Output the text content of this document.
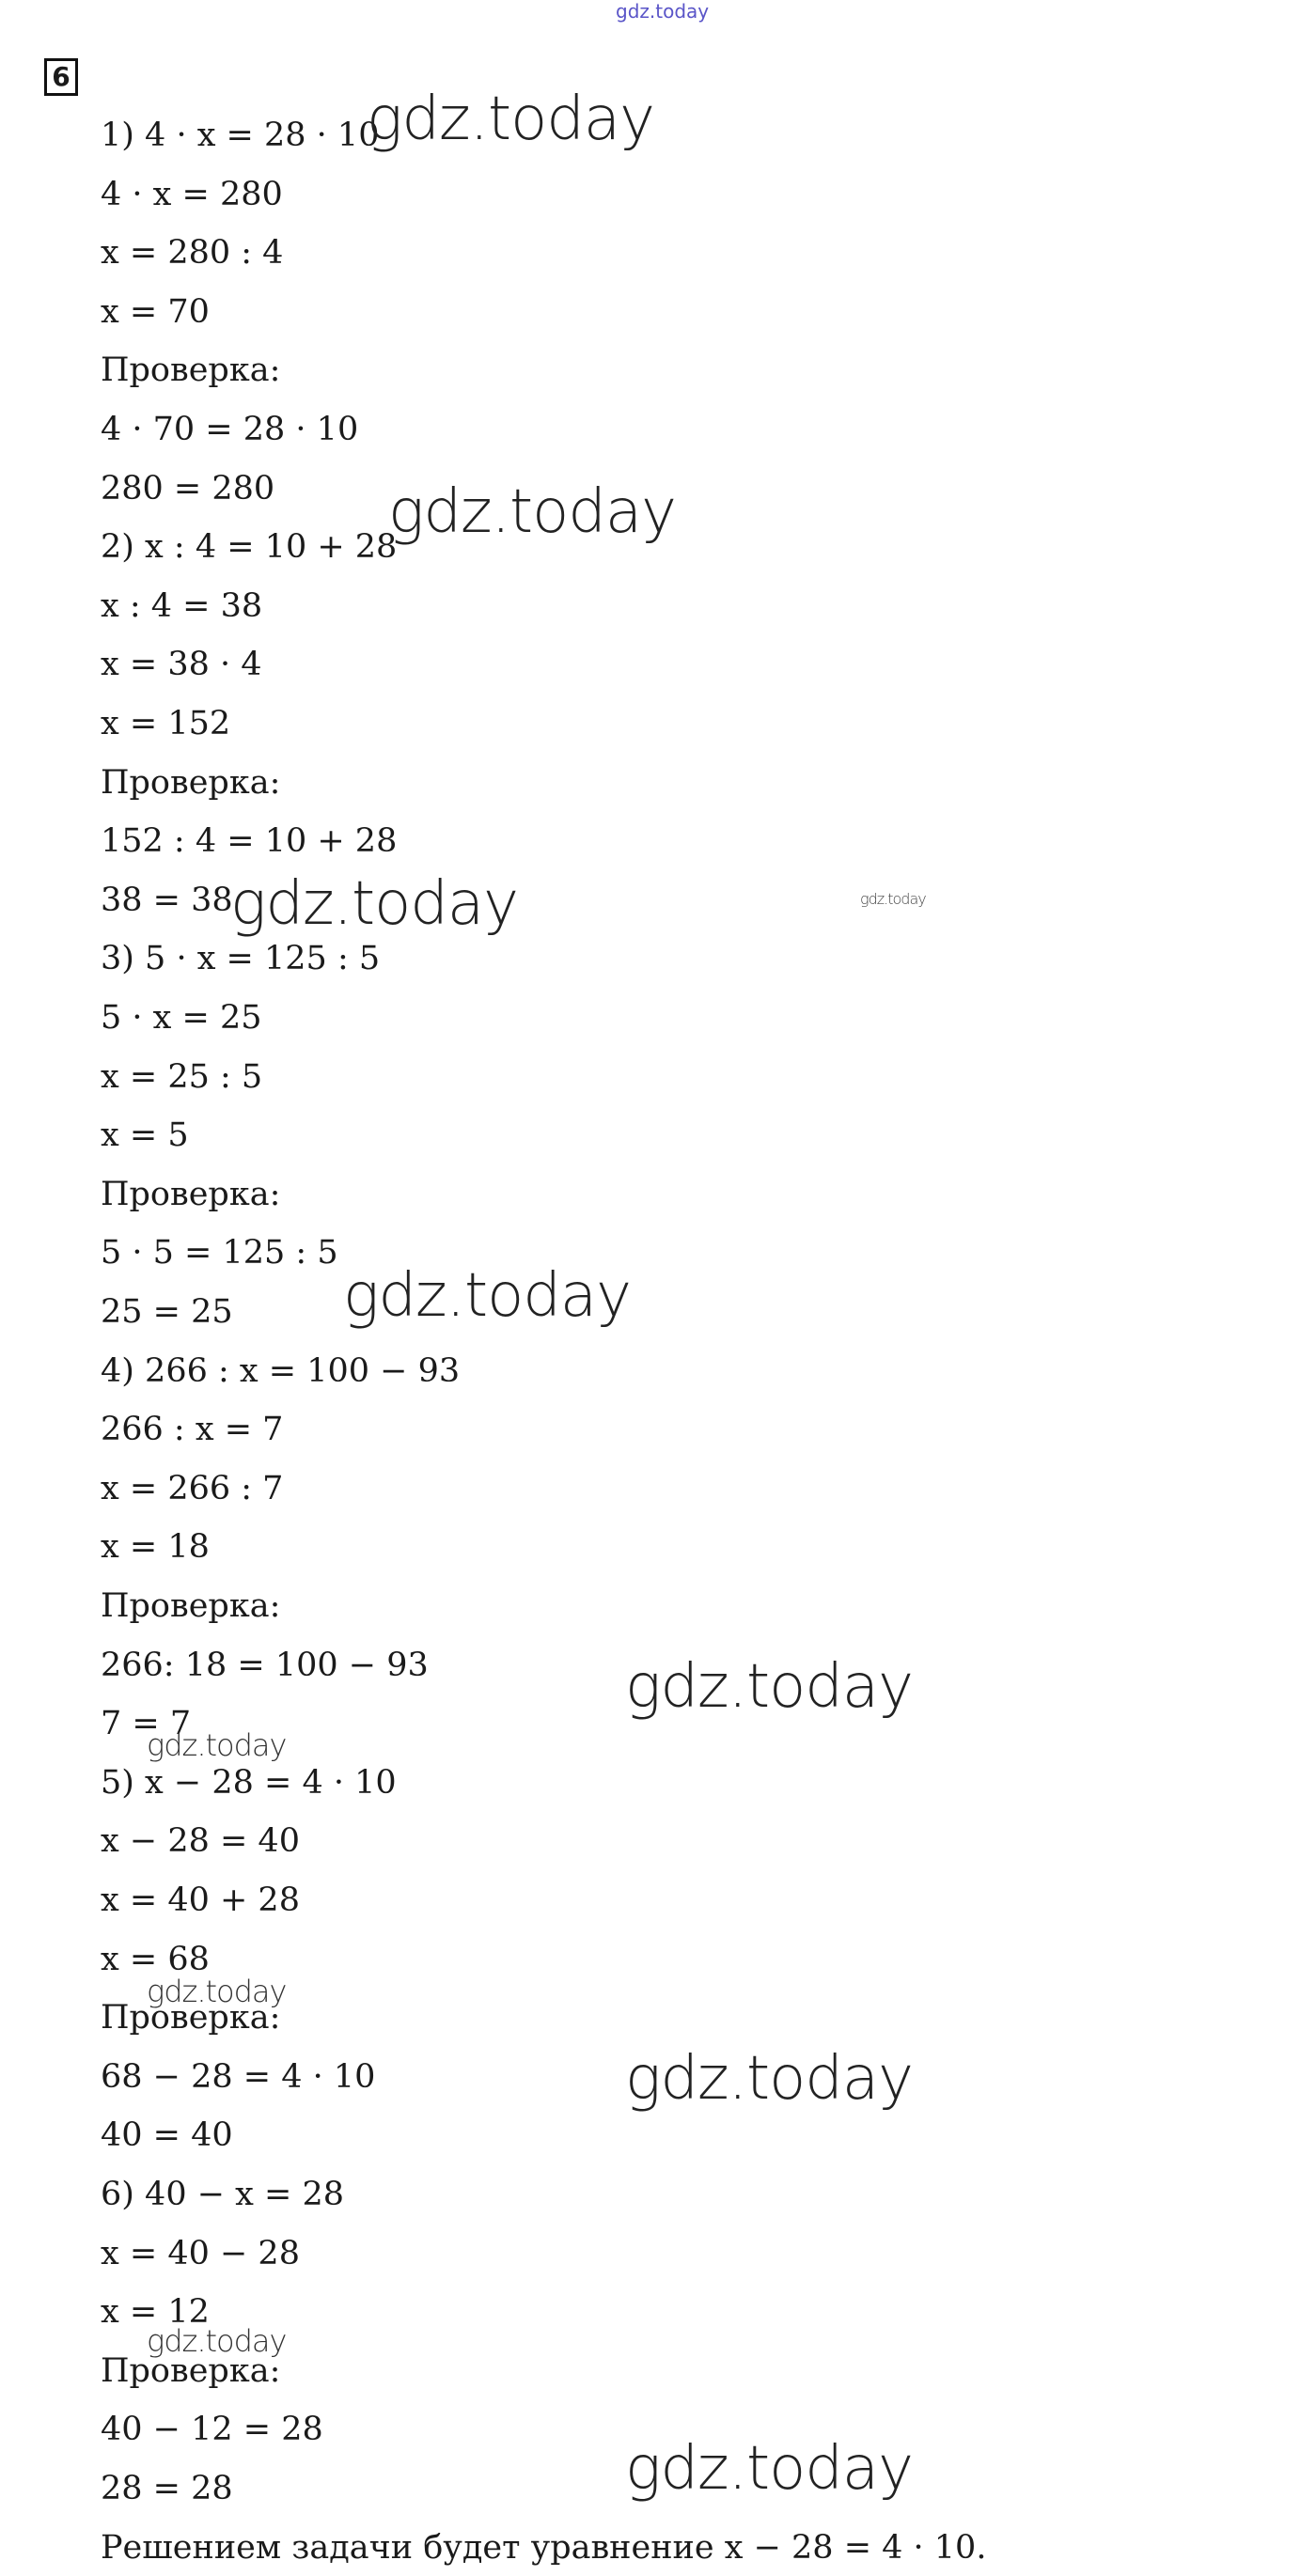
gdz.today
6
1) 4 · x = 28 · 10
4 · x = 280
x = 280 : 4
x = 70
Проверка:
4 · 70 = 28 · 10
280 = 280
2) x : 4 = 10 + 28
x : 4 = 38
x = 38 · 4
x = 152
Проверка:
152 : 4 = 10 + 28
38 = 38
3) 5 · x = 125 : 5
5 · x = 25
x = 25 : 5
x = 5
Проверка:
5 · 5 = 125 : 5
25 = 25
4) 266 : x = 100 − 93
266 : x = 7
x = 266 : 7
x = 18
Проверка:
266: 18 = 100 − 93
7 = 7
5) x − 28 = 4 · 10
x − 28 = 40
x = 40 + 28
x = 68
Проверка:
68 − 28 = 4 · 10
40 = 40
6) 40 − x = 28
x = 40 − 28
x = 12
Проверка:
40 − 12 = 28
28 = 28
Решением задачи будет уравнение x − 28 = 4 · 10.
gdz.today
gdz.today
gdz.today	gdz.today
gdz.today
gdz.today
gdz.today
gdz.today
gdz.today
gdz.today
gdz.today
